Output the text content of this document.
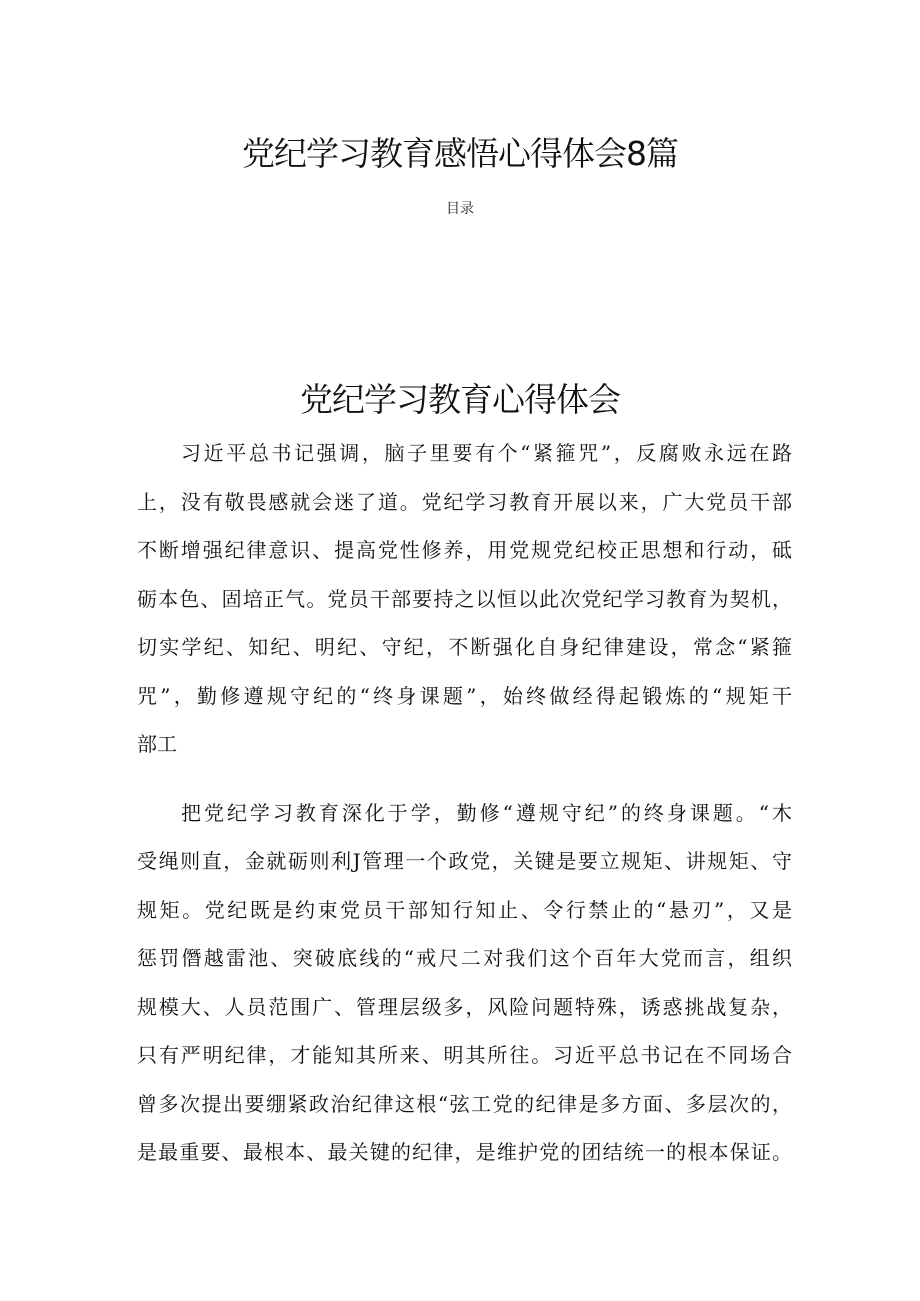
党纪学习教育感悟心得体会8篇
目录
党纪学习教育心得体会
习近平总书记强调，脑子里要有个“紧箍咒”，反腐败永远在路
上，没有敬畏感就会迷了道。党纪学习教育开展以来，广大党员干部
不断增强纪律意识、提高党性修养，用党规党纪校正思想和行动，砥
砺本色、固培正气。党员干部要持之以恒以此次党纪学习教育为契机，
切实学纪、知纪、明纪、守纪，不断强化自身纪律建设，常念“紧箍
咒”，勤修遵规守纪的“终身课题”，始终做经得起锻炼的“规矩干
部工
把党纪学习教育深化于学，勤修“遵规守纪”的终身课题。“木
受绳则直，金就砺则利J管理一个政党，关键是要立规矩、讲规矩、守
规矩。党纪既是约束党员干部知行知止、令行禁止的“悬刃”，又是
惩罚僭越雷池、突破底线的“戒尺二对我们这个百年大党而言，组织
规模大、人员范围广、管理层级多，风险问题特殊，诱惑挑战复杂，
只有严明纪律，才能知其所来、明其所往。习近平总书记在不同场合
曾多次提出要绷紧政治纪律这根“弦工党的纪律是多方面、多层次的，
是最重要、最根本、最关键的纪律，是维护党的团结统一的根本保证。
